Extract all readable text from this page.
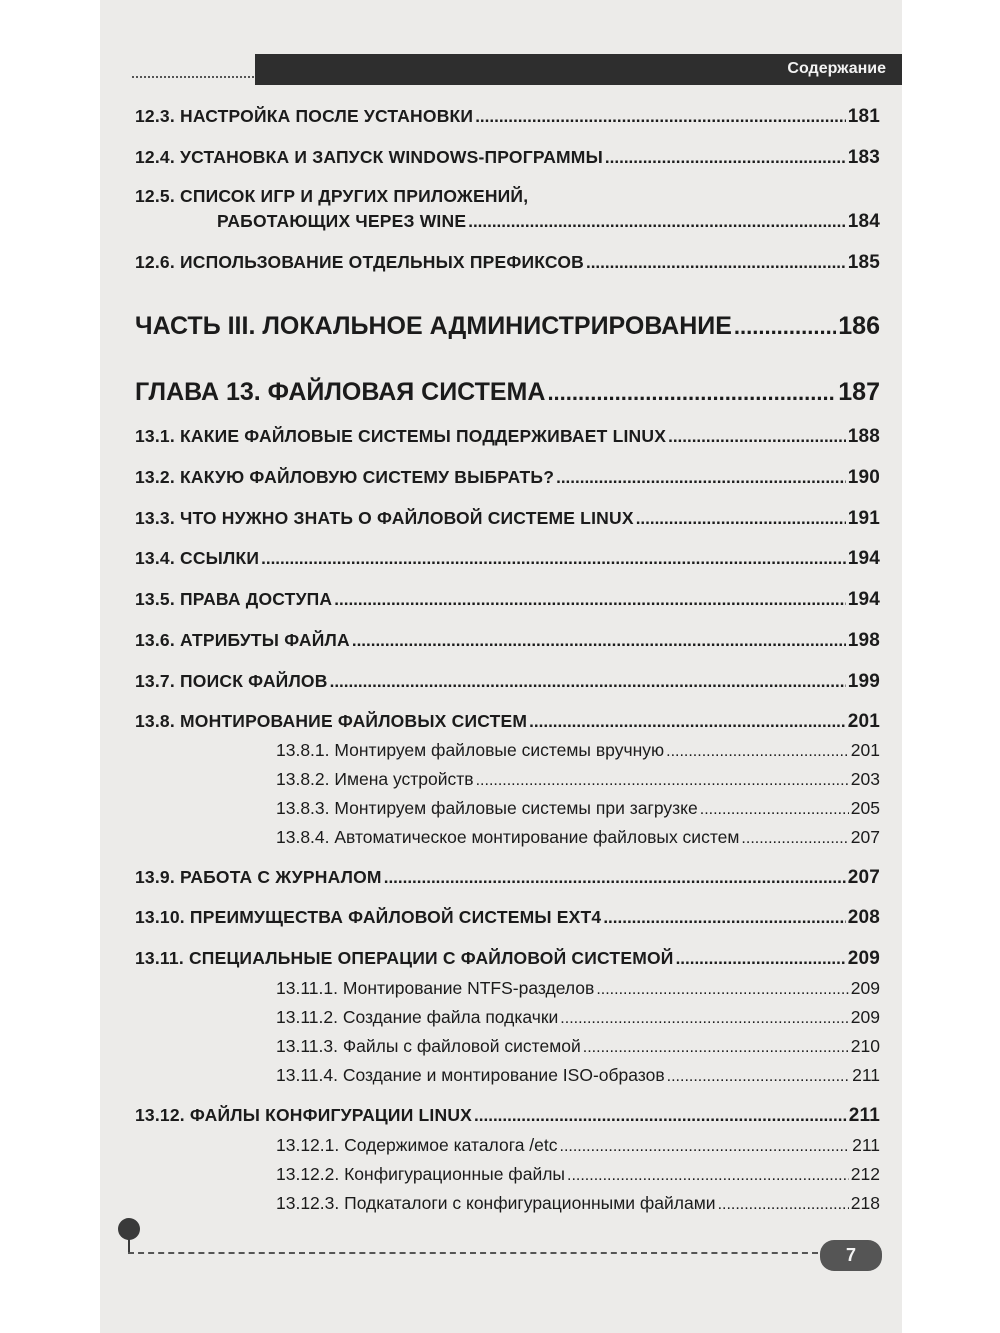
Содержание
12.3. НАСТРОЙКА ПОСЛЕ УСТАНОВКИ .....	181
12.4. УСТАНОВКА И ЗАПУСК WINDOWS-ПРОГРАММЫ .....	183
12.5. СПИСОК ИГР И ДРУГИХ ПРИЛОЖЕНИЙ,
РАБОТАЮЩИХ ЧЕРЕЗ WINE .....	184
12.6. ИСПОЛЬЗОВАНИЕ ОТДЕЛЬНЫХ ПРЕФИКСОВ .....	185
ЧАСТЬ III. ЛОКАЛЬНОЕ АДМИНИСТРИРОВАНИЕ .....	186
ГЛАВА 13. ФАЙЛОВАЯ СИСТЕМА .....	187
13.1. КАКИЕ ФАЙЛОВЫЕ СИСТЕМЫ ПОДДЕРЖИВАЕТ LINUX .....	188
13.2. КАКУЮ ФАЙЛОВУЮ СИСТЕМУ ВЫБРАТЬ? .....	190
13.3. ЧТО НУЖНО ЗНАТЬ О ФАЙЛОВОЙ СИСТЕМЕ LINUX .....	191
13.4. ССЫЛКИ .....	194
13.5. ПРАВА ДОСТУПА .....	194
13.6. АТРИБУТЫ ФАЙЛА .....	198
13.7. ПОИСК ФАЙЛОВ .....	199
13.8. МОНТИРОВАНИЕ ФАЙЛОВЫХ СИСТЕМ .....	201
13.8.1. Монтируем файловые системы вручную .....	201
13.8.2. Имена устройств .....	203
13.8.3. Монтируем файловые системы при загрузке .....	205
13.8.4. Автоматическое монтирование файловых систем .....	207
13.9. РАБОТА С ЖУРНАЛОМ .....	207
13.10. ПРЕИМУЩЕСТВА ФАЙЛОВОЙ СИСТЕМЫ EXT4 .....	208
13.11. СПЕЦИАЛЬНЫЕ ОПЕРАЦИИ С ФАЙЛОВОЙ СИСТЕМОЙ .....	209
13.11.1. Монтирование NTFS-разделов .....	209
13.11.2. Создание файла подкачки .....	209
13.11.3. Файлы с файловой системой .....	210
13.11.4. Создание и монтирование ISO-образов .....	211
13.12. ФАЙЛЫ КОНФИГУРАЦИИ LINUX .....	211
13.12.1. Содержимое каталога /etc .....	211
13.12.2. Конфигурационные файлы .....	212
13.12.3. Подкаталоги с конфигурационными файлами .....	218
7
